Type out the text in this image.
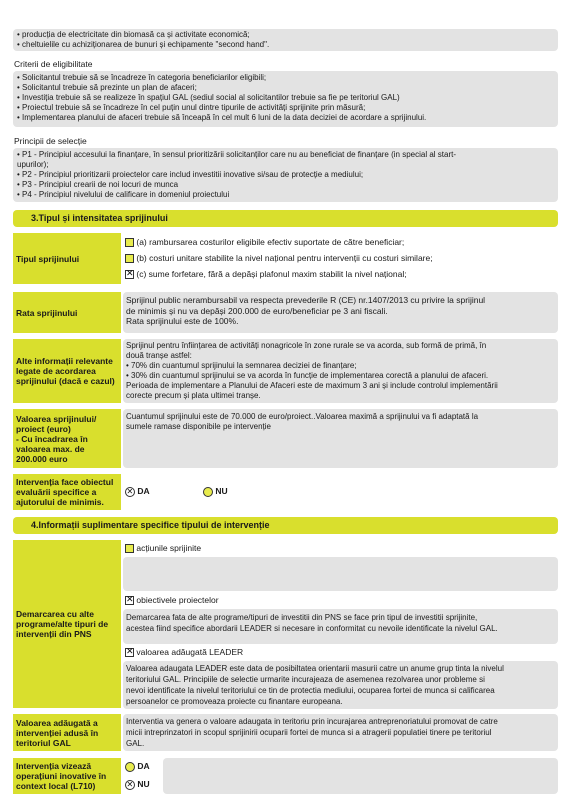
• producția de electricitate din biomasă ca și activitate economică;
• cheltuielile cu achiziționarea de bunuri și echipamente "second hand".
Criterii de eligibilitate
• Solicitantul trebuie să se încadreze în categoria beneficiarilor eligibili;
• Solicitantul trebuie să prezinte un plan de afaceri;
• Investiția trebuie să se realizeze în spațiul GAL (sediul social al solicitantilor trebuie sa fie pe teritoriul GAL)
• Proiectul trebuie să se încadreze în cel puțin unul dintre tipurile de activități sprijinite prin măsură;
• Implementarea planului de afaceri trebuie să înceapă în cel mult 6 luni de la data deciziei de acordare a sprijinului.
Principii de selecție
• P1 - Principiul accesului la finanțare, în sensul prioritizării solicitanților care nu au beneficiat de finanțare (in special al start-
upurilor);
• P2 - Principiul prioritizarii proiectelor care includ investitii inovative si/sau de protecție a mediului;
• P3 - Principiul crearii de noi locuri de munca
• P4 - Principiul nivelului de calificare in domeniul proiectului
3.Tipul și intensitatea sprijinului
Tipul sprijinului
(a) rambursarea costurilor eligibile efectiv suportate de către beneficiar;
(b) costuri unitare stabilite la nivel național pentru intervenții cu costuri similare;
✕ (c) sume forfetare, fără a depăși plafonul maxim stabilit la nivel național;
Rata sprijinului
Sprijinul public nerambursabil va respecta prevederile R (CE) nr.1407/2013 cu privire la sprijinul
de minimis și nu va depăși 200.000 de euro/beneficiar pe 3 ani fiscali.
Rata sprijinului este de 100%.
Alte informații relevante
legate de acordarea
sprijinului (dacă e cazul)
Sprijinul pentru înființarea de activități nonagricole în zone rurale se va acorda, sub formă de primă, în
două tranșe astfel:
• 70% din cuantumul sprijinului la semnarea deciziei de finanțare;
• 30% din cuantumul sprijinului se va acorda în funcție de implementarea corectă a planului de afaceri.
Perioada de implementare a Planului de Afaceri este de maximum 3 ani și include controlul implementării
corecte precum și plata ultimei tranșe.
Valoarea sprijinului/
proiect (euro)
- Cu încadrarea în
valoarea max. de
200.000 euro
Cuantumul sprijinului este de 70.000 de euro/proiect..Valoarea maximă a sprijinului va fi adaptată la
sumele ramase disponibile pe intervenție
Intervenția face obiectul
evaluării specifice a
ajutorului de minimis.
✕ DA	NU
4.Informații suplimentare specifice tipului de intervenție
Demarcarea cu alte
programe/alte tipuri de
intervenții din PNS
acțiunile sprijinite
✕ obiectivele proiectelor
Demarcarea fata de alte programe/tipuri de investitii din PNS se face prin tipul de investitii sprijinite,
acestea fiind specifice abordarii LEADER si necesare in conformitat cu nevoile identificate la nivelul GAL.
✕ valoarea adăugată LEADER
Valoarea adaugata LEADER este data de posibiltatea orientarii masurii catre un anume grup tinta la nivelul
teritoriului GAL. Principiile de selectie urmarite incurajeaza de asemenea rezolvarea unor probleme si
nevoi identificate la nivelul teritoriului ce tin de protectia mediului, ocuparea fortei de munca si calificarea
persoanelor ce promoveaza proiecte cu finantare europeana.
Valoarea adăugată a
intervenției adusă în
teritoriul GAL
Interventia va genera o valoare adaugata in teritoriu prin incurajarea antreprenoriatului promovat de catre
micii intreprinzatori in scopul sprijinirii ocuparii fortei de munca si a atragerii populatiei tinere pe teritoriul
GAL.
Intervenția vizează
operațiuni inovative în
context local (L710)
DA
✕ NU
